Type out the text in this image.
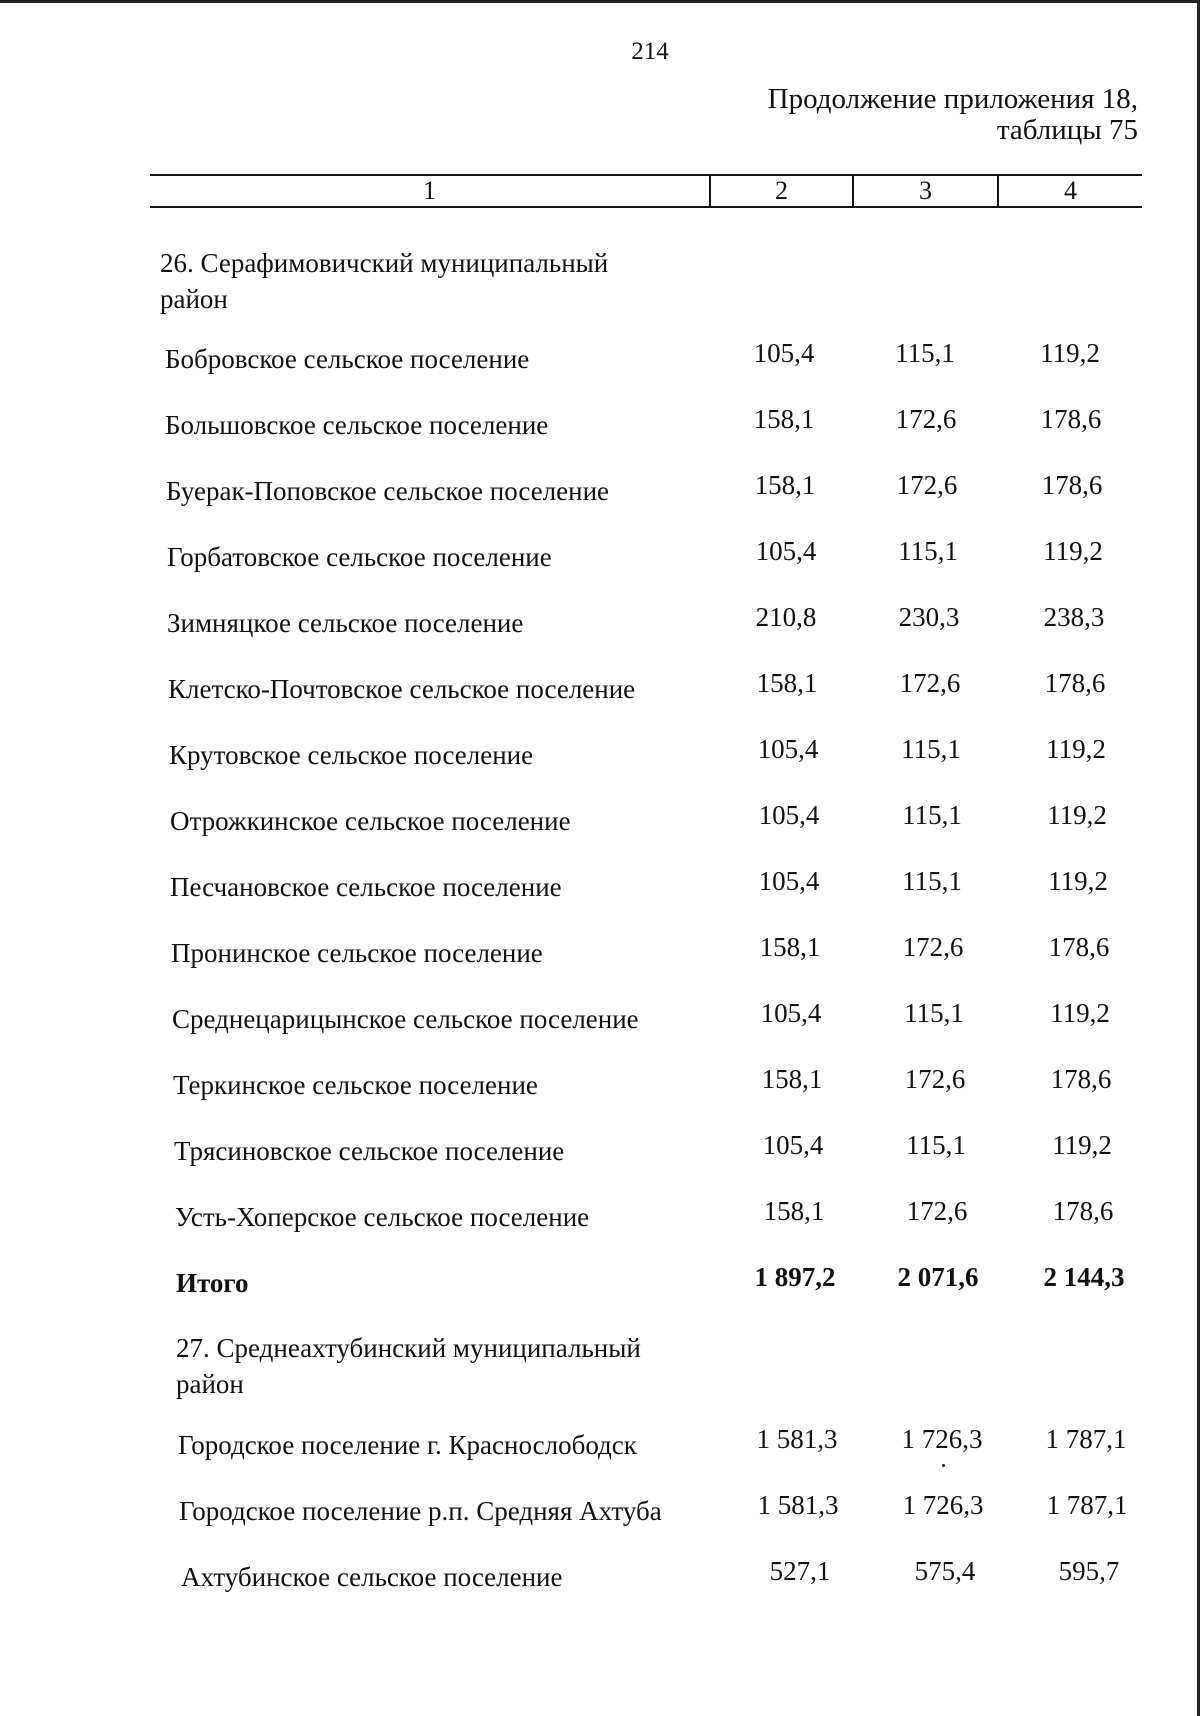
214
Продолжение приложения 18,
таблицы 75
1	2	3	4
26. Серафимовичский муниципальный
район
Бобровское сельское поселение	105,4	115,1	119,2
Большовское сельское поселение	158,1	172,6	178,6
Буерак-Поповское сельское поселение	158,1	172,6	178,6
Горбатовское сельское поселение	105,4	115,1	119,2
Зимняцкое сельское поселение	210,8	230,3	238,3
Клетско-Почтовское сельское поселение	158,1	172,6	178,6
Крутовское сельское поселение	105,4	115,1	119,2
Отрожкинское сельское поселение	105,4	115,1	119,2
Песчановское сельское поселение	105,4	115,1	119,2
Пронинское сельское поселение	158,1	172,6	178,6
Среднецарицынское сельское поселение	105,4	115,1	119,2
Теркинское сельское поселение	158,1	172,6	178,6
Трясиновское сельское поселение	105,4	115,1	119,2
Усть-Хоперское сельское поселение	158,1	172,6	178,6
Итого	1 897,2	2 071,6	2 144,3
27. Среднеахтубинский муниципальный
район
Городское поселение г. Краснослободск	1 581,3	1 726,3	1 787,1
Городское поселение р.п. Средняя Ахтуба	1 581,3	1 726,3	1 787,1
Ахтубинское сельское поселение	527,1	575,4	595,7
